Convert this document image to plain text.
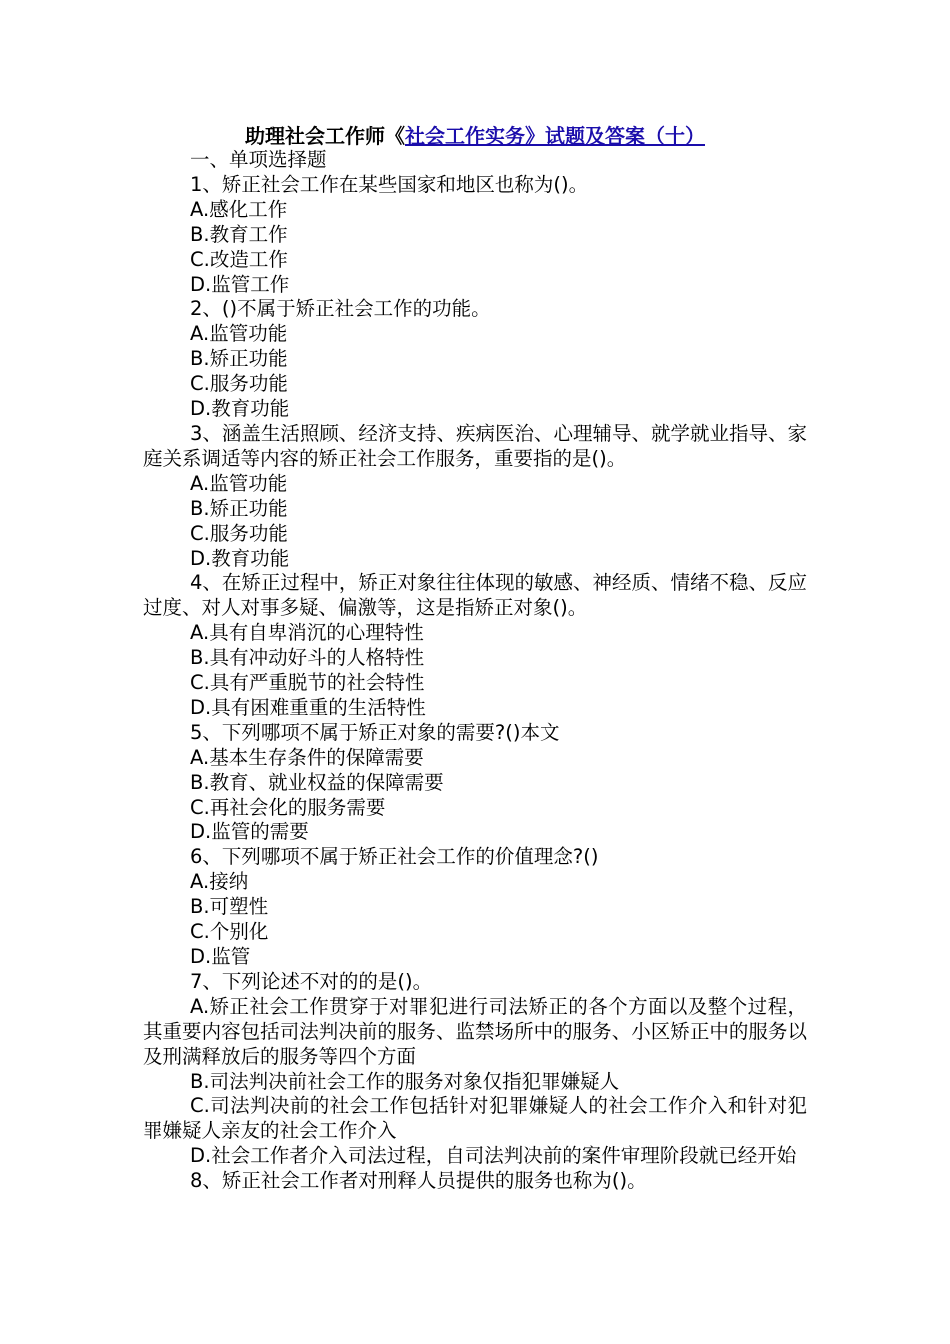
助理社会工作师《社会工作实务》试题及答案（十）

一、单项选择题

1、矫正社会工作在某些国家和地区也称为()。

A.感化工作

B.教育工作

C.改造工作

D.监管工作

2、()不属于矫正社会工作的功能。

A.监管功能

B.矫正功能

C.服务功能

D.教育功能

3、涵盖生活照顾、经济支持、疾病医治、心理辅导、就学就业指导、家庭关系调适等内容的矫正社会工作服务，重要指的是()。

A.监管功能

B.矫正功能

C.服务功能

D.教育功能

4、在矫正过程中，矫正对象往往体现的敏感、神经质、情绪不稳、反应过度、对人对事多疑、偏激等，这是指矫正对象()。

A.具有自卑消沉的心理特性

B.具有冲动好斗的人格特性

C.具有严重脱节的社会特性

D.具有困难重重的生活特性

5、下列哪项不属于矫正对象的需要?()本文

A.基本生存条件的保障需要

B.教育、就业权益的保障需要

C.再社会化的服务需要

D.监管的需要

6、下列哪项不属于矫正社会工作的价值理念?()

A.接纳

B.可塑性

C.个别化

D.监管

7、下列论述不对的的是()。

A.矫正社会工作贯穿于对罪犯进行司法矫正的各个方面以及整个过程，其重要内容包括司法判决前的服务、监禁场所中的服务、小区矫正中的服务以及刑满释放后的服务等四个方面

B.司法判决前社会工作的服务对象仅指犯罪嫌疑人

C.司法判决前的社会工作包括针对犯罪嫌疑人的社会工作介入和针对犯罪嫌疑人亲友的社会工作介入

D.社会工作者介入司法过程，自司法判决前的案件审理阶段就已经开始

8、矫正社会工作者对刑释人员提供的服务也称为()。
